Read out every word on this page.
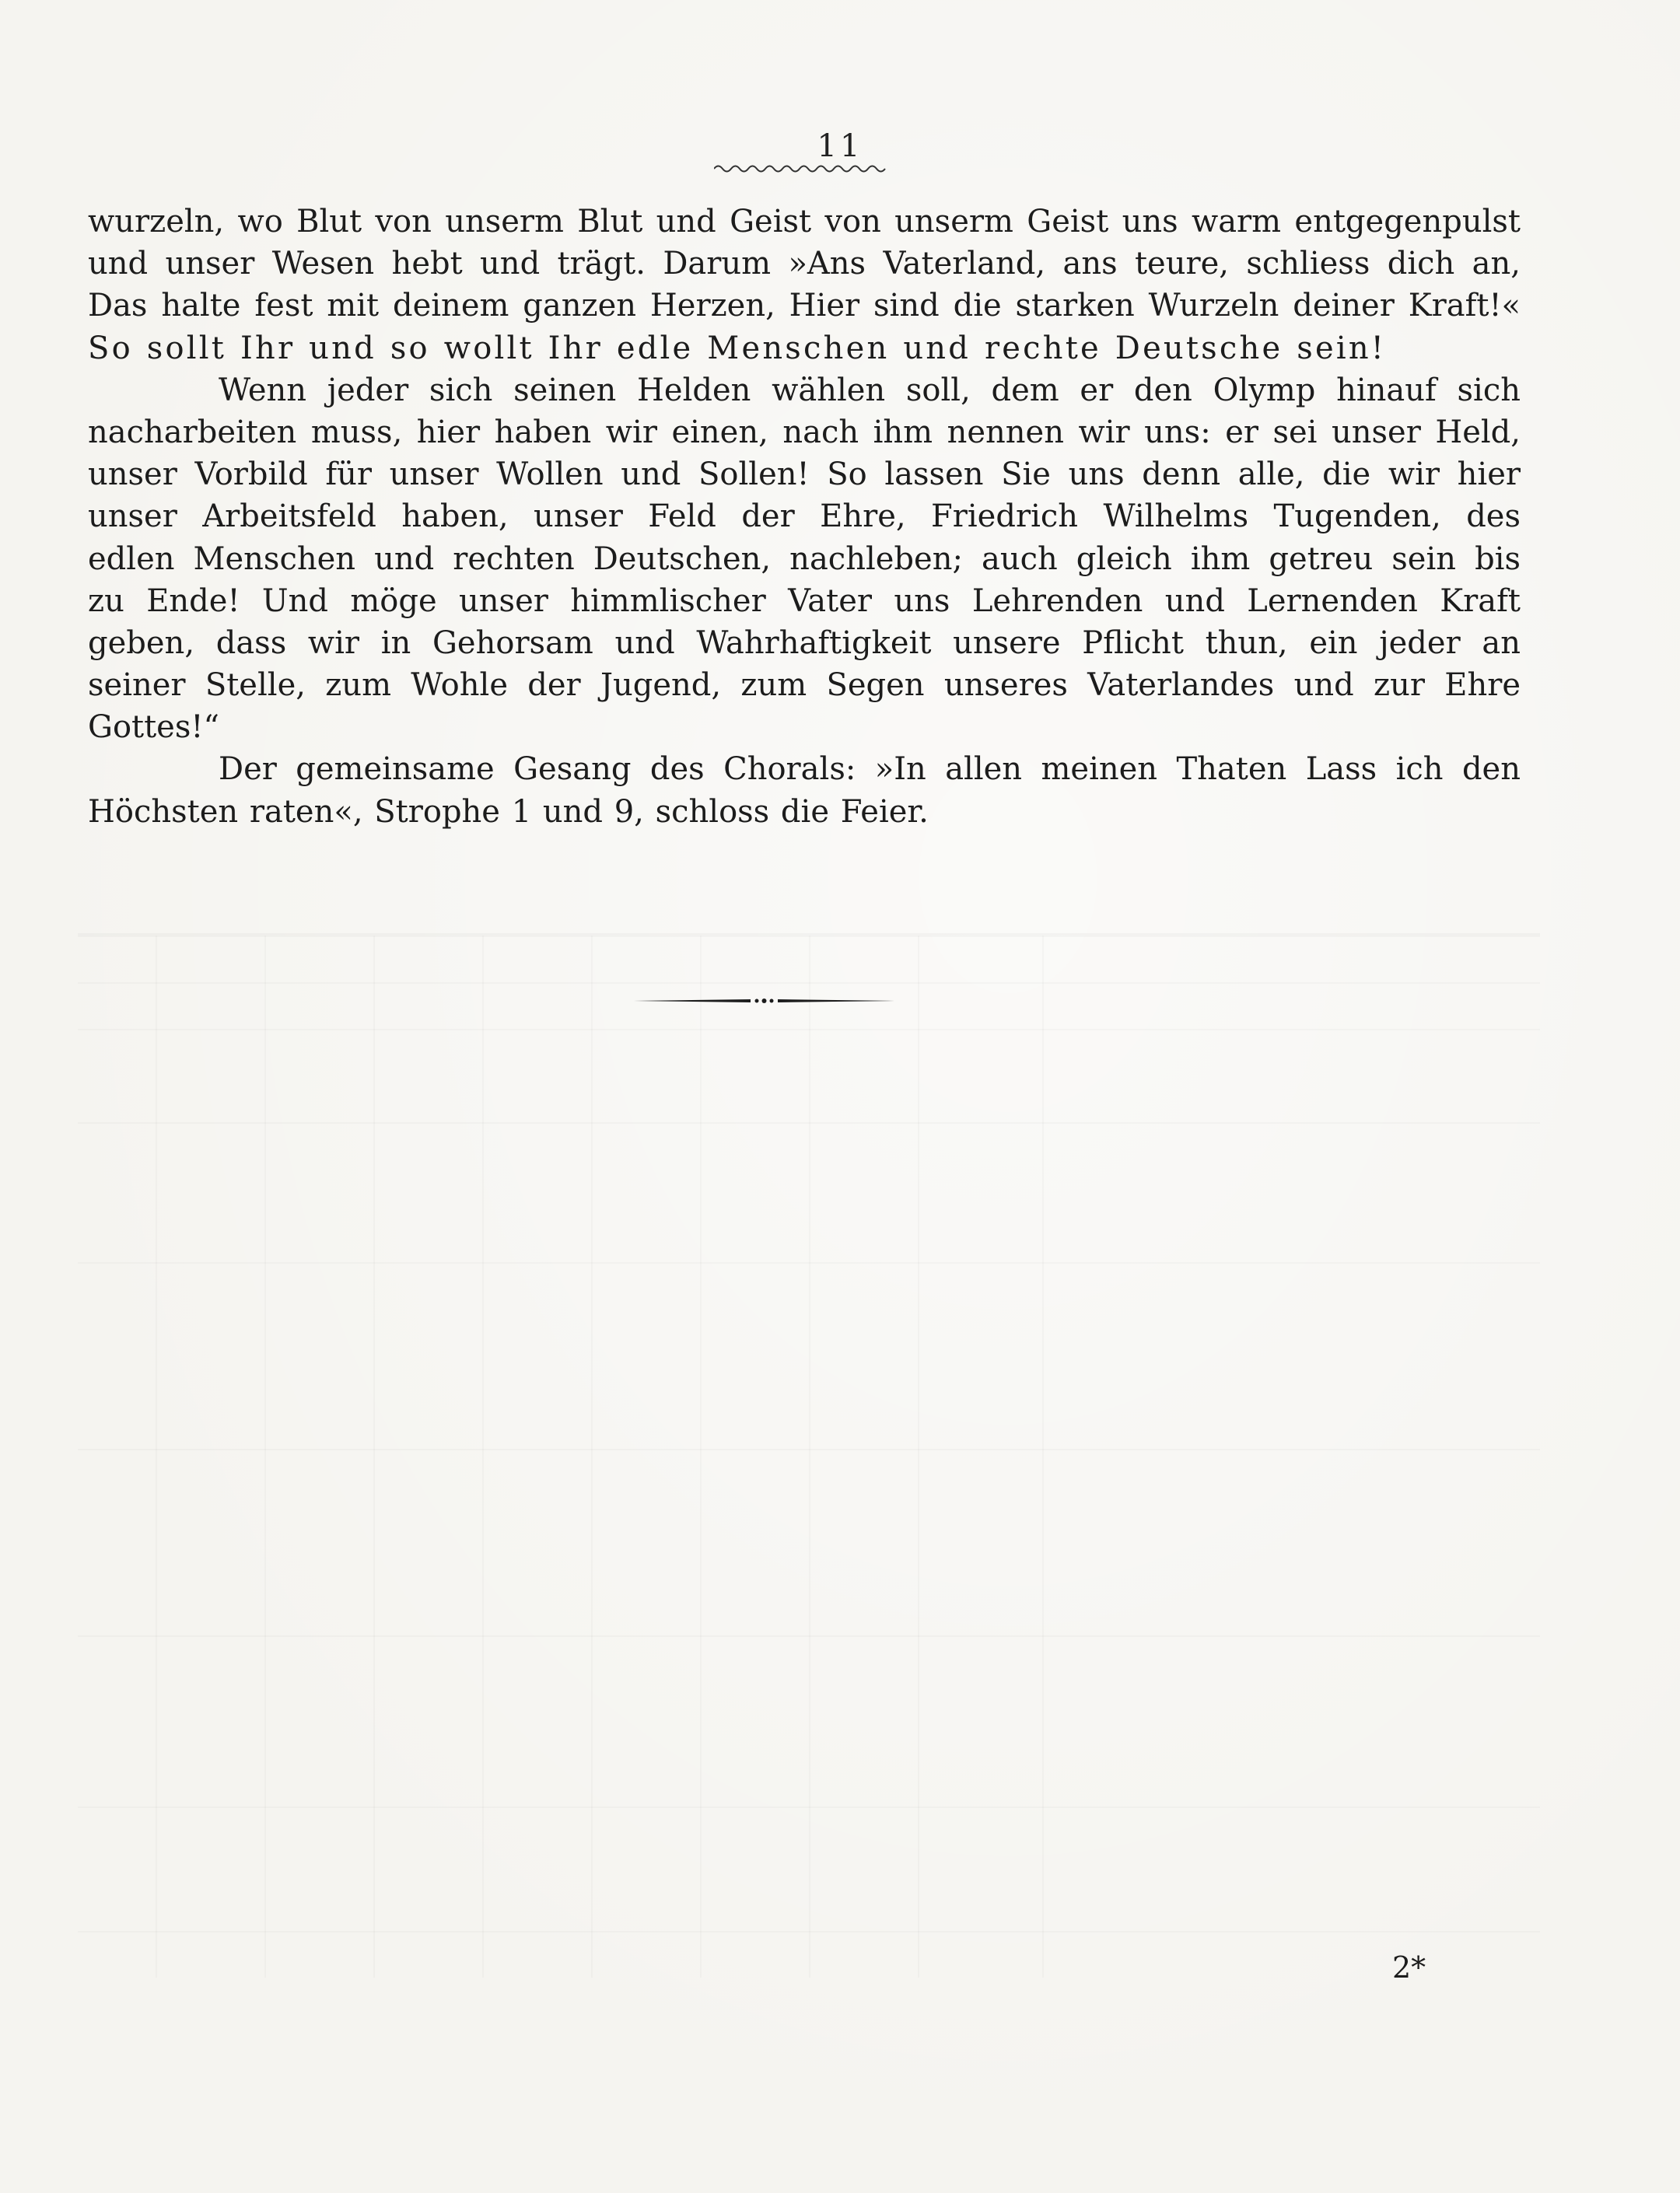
11
wurzeln, wo Blut von unserm Blut und Geist von unserm Geist uns warm entgegenpulst
und unser Wesen hebt und trägt. Darum »Ans Vaterland, ans teure, schliess dich an,
Das halte fest mit deinem ganzen Herzen, Hier sind die starken Wurzeln deiner Kraft!«
So sollt Ihr und so wollt Ihr edle Menschen und rechte Deutsche sein!
Wenn jeder sich seinen Helden wählen soll, dem er den Olymp hinauf sich
nacharbeiten muss, hier haben wir einen, nach ihm nennen wir uns: er sei unser Held,
unser Vorbild für unser Wollen und Sollen! So lassen Sie uns denn alle, die wir hier
unser Arbeitsfeld haben, unser Feld der Ehre, Friedrich Wilhelms Tugenden, des
edlen Menschen und rechten Deutschen, nachleben; auch gleich ihm getreu sein bis
zu Ende! Und möge unser himmlischer Vater uns Lehrenden und Lernenden Kraft
geben, dass wir in Gehorsam und Wahrhaftigkeit unsere Pflicht thun, ein jeder an
seiner Stelle, zum Wohle der Jugend, zum Segen unseres Vaterlandes und zur Ehre
Gottes!“
Der gemeinsame Gesang des Chorals: »In allen meinen Thaten Lass ich den
Höchsten raten«, Strophe 1 und 9, schloss die Feier.
2*
